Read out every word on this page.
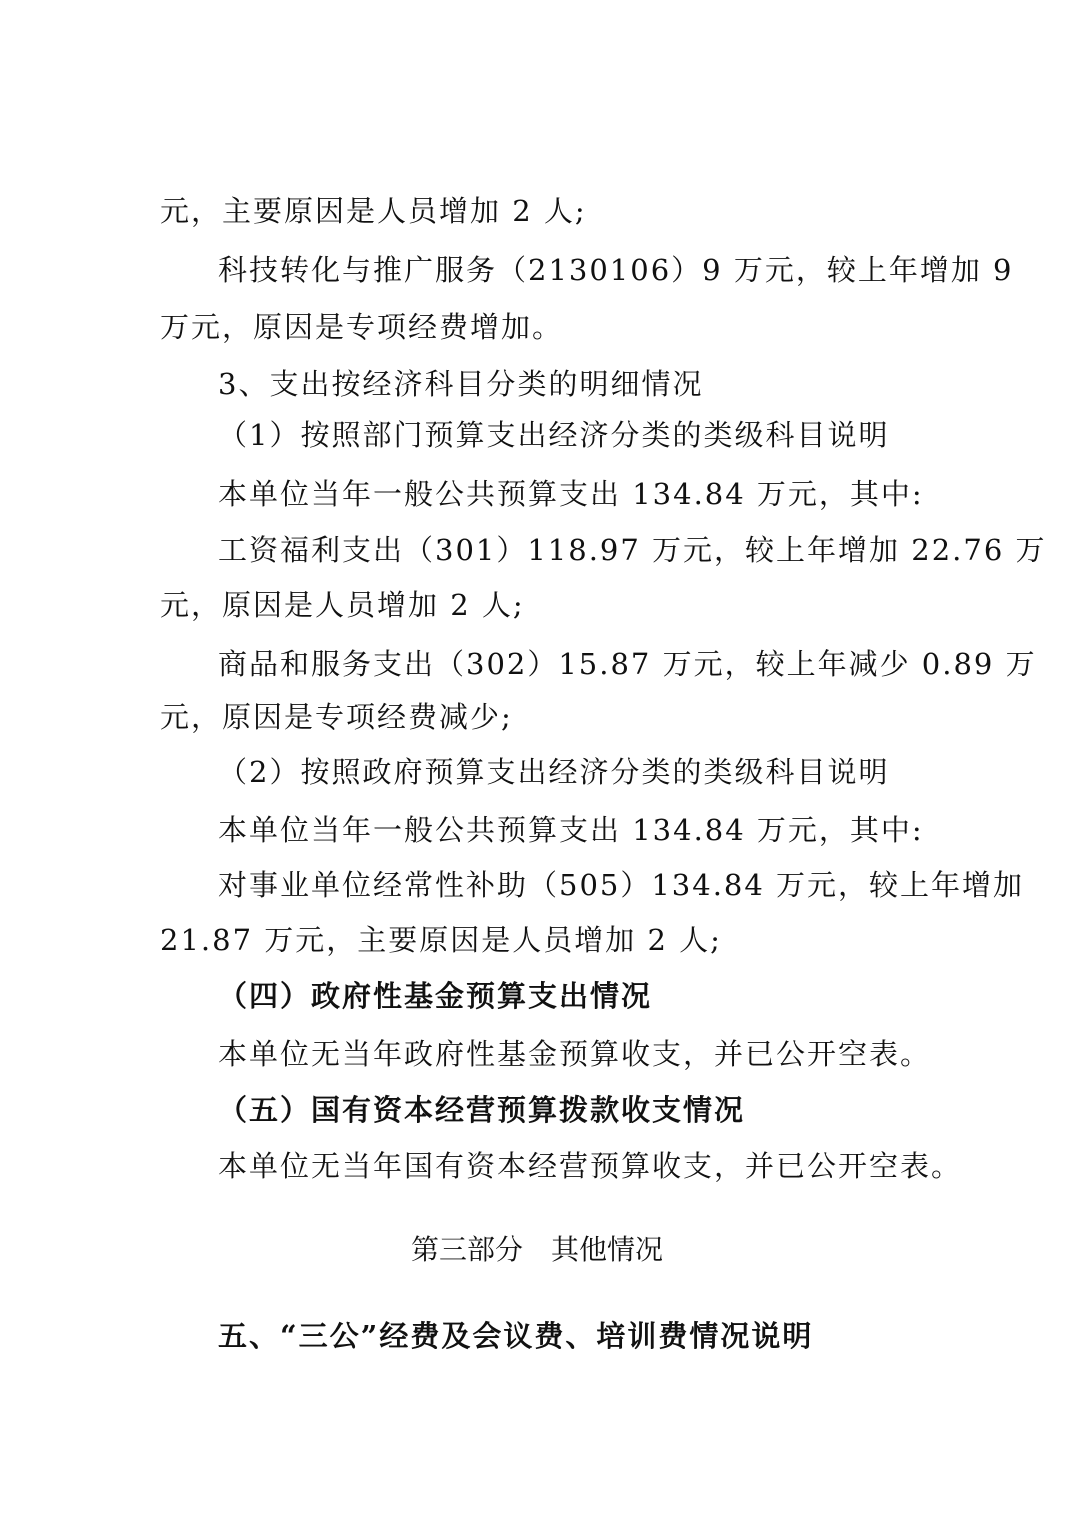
元，主要原因是人员增加 2 人;
科技转化与推广服务（2130106）9 万元，较上年增加 9
万元，原因是专项经费增加。
3、支出按经济科目分类的明细情况
（1）按照部门预算支出经济分类的类级科目说明
本单位当年一般公共预算支出 134.84 万元，其中:
工资福利支出（301）118.97 万元，较上年增加 22.76 万
元，原因是人员增加 2 人;
商品和服务支出（302）15.87 万元，较上年减少 0.89 万
元，原因是专项经费减少;
（2）按照政府预算支出经济分类的类级科目说明
本单位当年一般公共预算支出 134.84 万元，其中:
对事业单位经常性补助（505）134.84 万元，较上年增加
21.87 万元，主要原因是人员增加 2 人;
（四）政府性基金预算支出情况
本单位无当年政府性基金预算收支，并已公开空表。
（五）国有资本经营预算拨款收支情况
本单位无当年国有资本经营预算收支，并已公开空表。
第三部分　其他情况
五、“三公”经费及会议费、培训费情况说明
